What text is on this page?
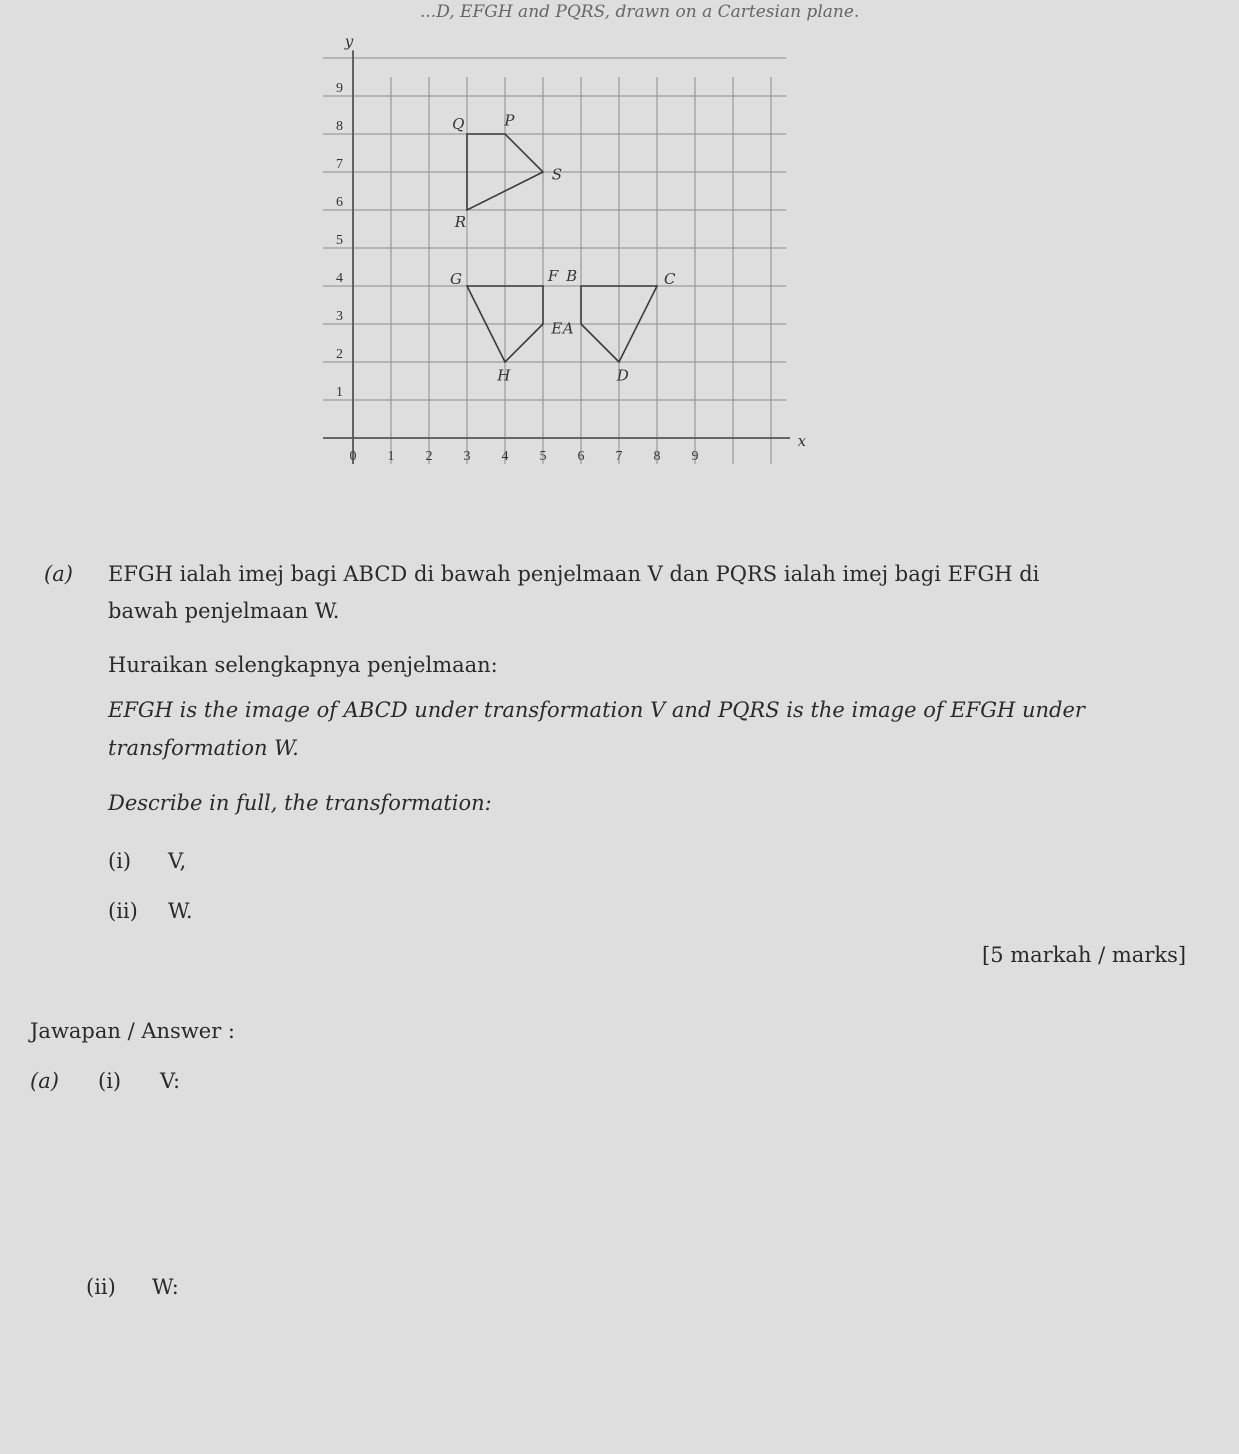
...D, EFGH and PQRS, drawn on a Cartesian plane.
x
y
0 1 2 3 4 5 6 7 8 9
1
2
3
4
5
6
7
8
9
P
Q
R
S
E
F
G
H
A
B	C
D
(a) EFGH ialah imej bagi ABCD di bawah penjelmaan V dan PQRS ialah imej bagi EFGH di
bawah penjelmaan W.
Huraikan selengkapnya penjelmaan:
EFGH is the image of ABCD under transformation V and PQRS is the image of EFGH under
transformation W.
Describe in full, the transformation:
(i) V,
(ii) W.
[5 markah / marks]
Jawapan / Answer :
(a) (i) V:
(ii) W:
